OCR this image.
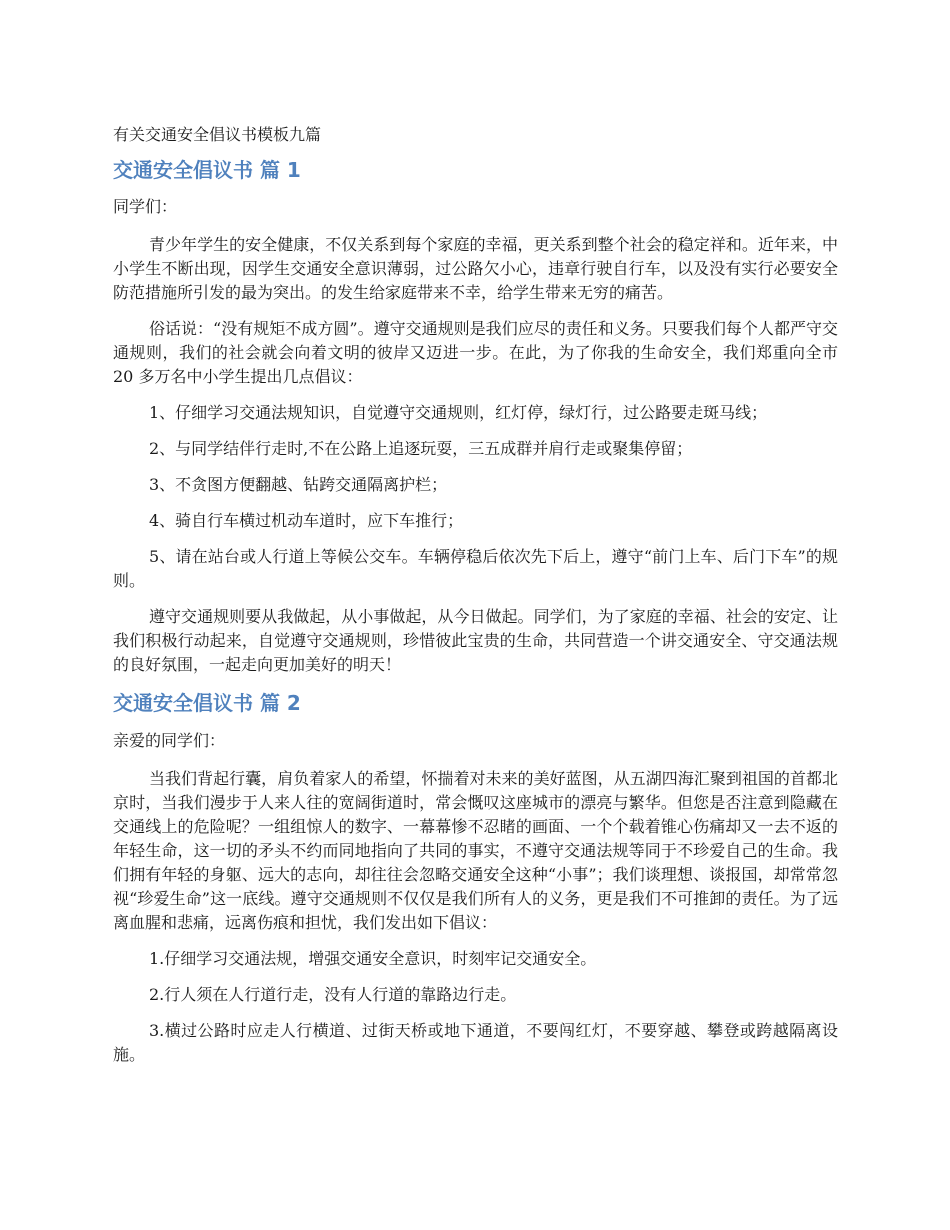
有关交通安全倡议书模板九篇
交通安全倡议书 篇 1

同学们：

青少年学生的安全健康，不仅关系到每个家庭的幸福，更关系到整个社会的稳定祥和。近年来，中小学生不断出现，因学生交通安全意识薄弱，过公路欠小心，违章行驶自行车，以及没有实行必要安全防范措施所引发的最为突出。的发生给家庭带来不幸，给学生带来无穷的痛苦。

俗话说：“没有规矩不成方圆”。遵守交通规则是我们应尽的责任和义务。只要我们每个人都严守交通规则，我们的社会就会向着文明的彼岸又迈进一步。在此，为了你我的生命安全，我们郑重向全市 20 多万名中小学生提出几点倡议：

1、仔细学习交通法规知识，自觉遵守交通规则，红灯停，绿灯行，过公路要走斑马线；

2、与同学结伴行走时,不在公路上追逐玩耍，三五成群并肩行走或聚集停留；

3、不贪图方便翻越、钻跨交通隔离护栏；

4、骑自行车横过机动车道时，应下车推行；

5、请在站台或人行道上等候公交车。车辆停稳后依次先下后上，遵守“前门上车、后门下车”的规则。

遵守交通规则要从我做起，从小事做起，从今日做起。同学们，为了家庭的幸福、社会的安定、让我们积极行动起来，自觉遵守交通规则，珍惜彼此宝贵的生命，共同营造一个讲交通安全、守交通法规的良好氛围，一起走向更加美好的明天！

交通安全倡议书 篇 2

亲爱的同学们：

当我们背起行囊，肩负着家人的希望，怀揣着对未来的美好蓝图，从五湖四海汇聚到祖国的首都北京时，当我们漫步于人来人往的宽阔街道时，常会慨叹这座城市的漂亮与繁华。但您是否注意到隐藏在交通线上的危险呢？一组组惊人的数字、一幕幕惨不忍睹的画面、一个个载着锥心伤痛却又一去不返的年轻生命，这一切的矛头不约而同地指向了共同的事实，不遵守交通法规等同于不珍爱自己的生命。我们拥有年轻的身躯、远大的志向，却往往会忽略交通安全这种“小事”；我们谈理想、谈报国，却常常忽视“珍爱生命”这一底线。遵守交通规则不仅仅是我们所有人的义务，更是我们不可推卸的责任。为了远离血腥和悲痛，远离伤痕和担忧，我们发出如下倡议：

1.仔细学习交通法规，增强交通安全意识，时刻牢记交通安全。

2.行人须在人行道行走，没有人行道的靠路边行走。

3.横过公路时应走人行横道、过街天桥或地下通道，不要闯红灯，不要穿越、攀登或跨越隔离设施。
